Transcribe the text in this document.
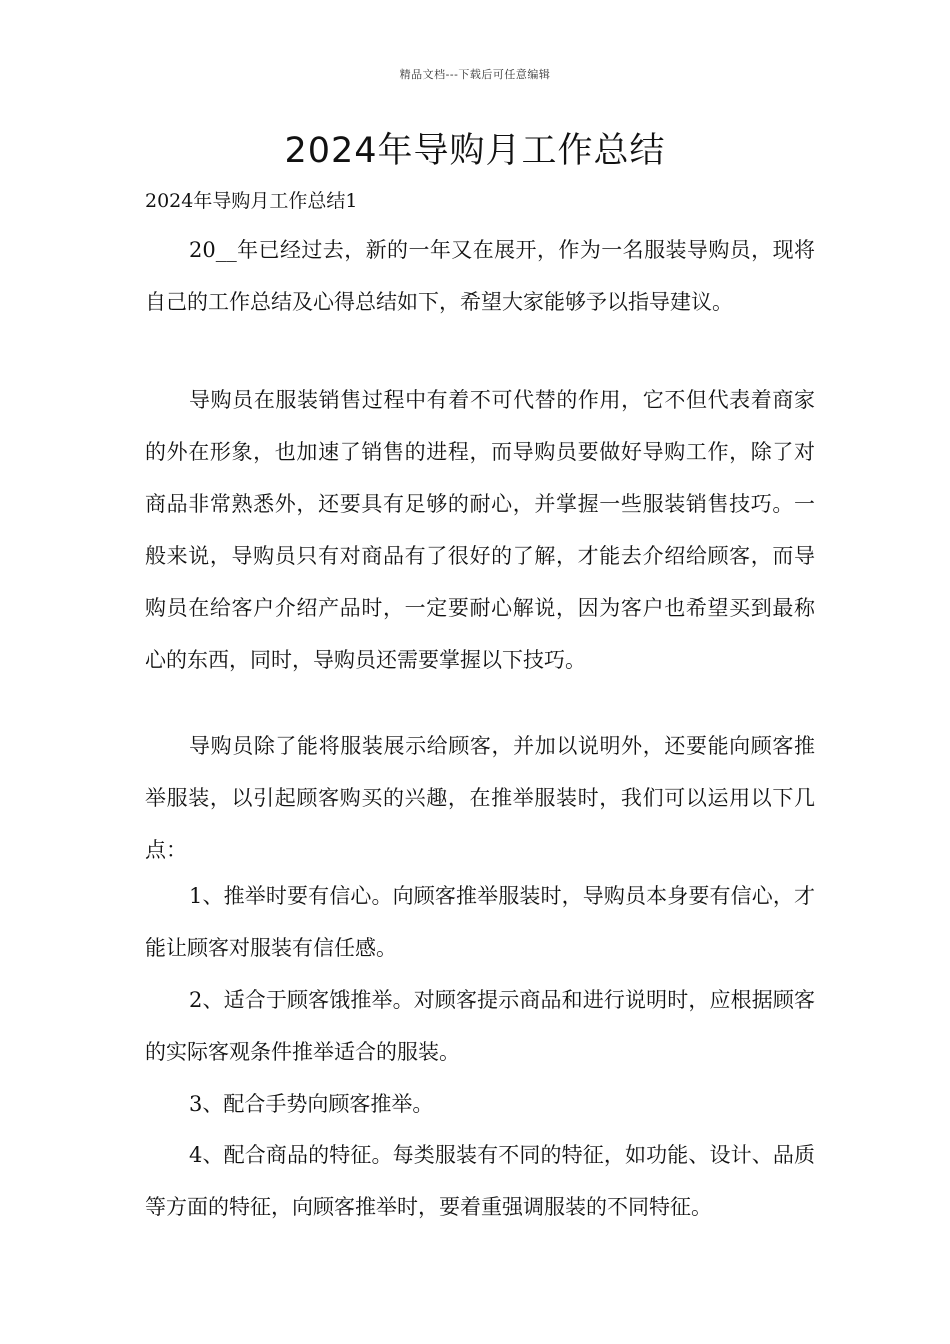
精品文档---下载后可任意编辑
2024年导购月工作总结
2024年导购月工作总结1

20__年已经过去，新的一年又在展开，作为一名服装导购员，现将自己的工作总结及心得总结如下，希望大家能够予以指导建议。

导购员在服装销售过程中有着不可代替的作用，它不但代表着商家的外在形象，也加速了销售的进程，而导购员要做好导购工作，除了对商品非常熟悉外，还要具有足够的耐心，并掌握一些服装销售技巧。一般来说，导购员只有对商品有了很好的了解，才能去介绍给顾客，而导购员在给客户介绍产品时，一定要耐心解说，因为客户也希望买到最称心的东西，同时，导购员还需要掌握以下技巧。

导购员除了能将服装展示给顾客，并加以说明外，还要能向顾客推举服装，以引起顾客购买的兴趣，在推举服装时，我们可以运用以下几点：

1、推举时要有信心。向顾客推举服装时，导购员本身要有信心，才能让顾客对服装有信任感。

2、适合于顾客饿推举。对顾客提示商品和进行说明时，应根据顾客的实际客观条件推举适合的服装。

3、配合手势向顾客推举。

4、配合商品的特征。每类服装有不同的特征，如功能、设计、品质等方面的特征，向顾客推举时，要着重强调服装的不同特征。
